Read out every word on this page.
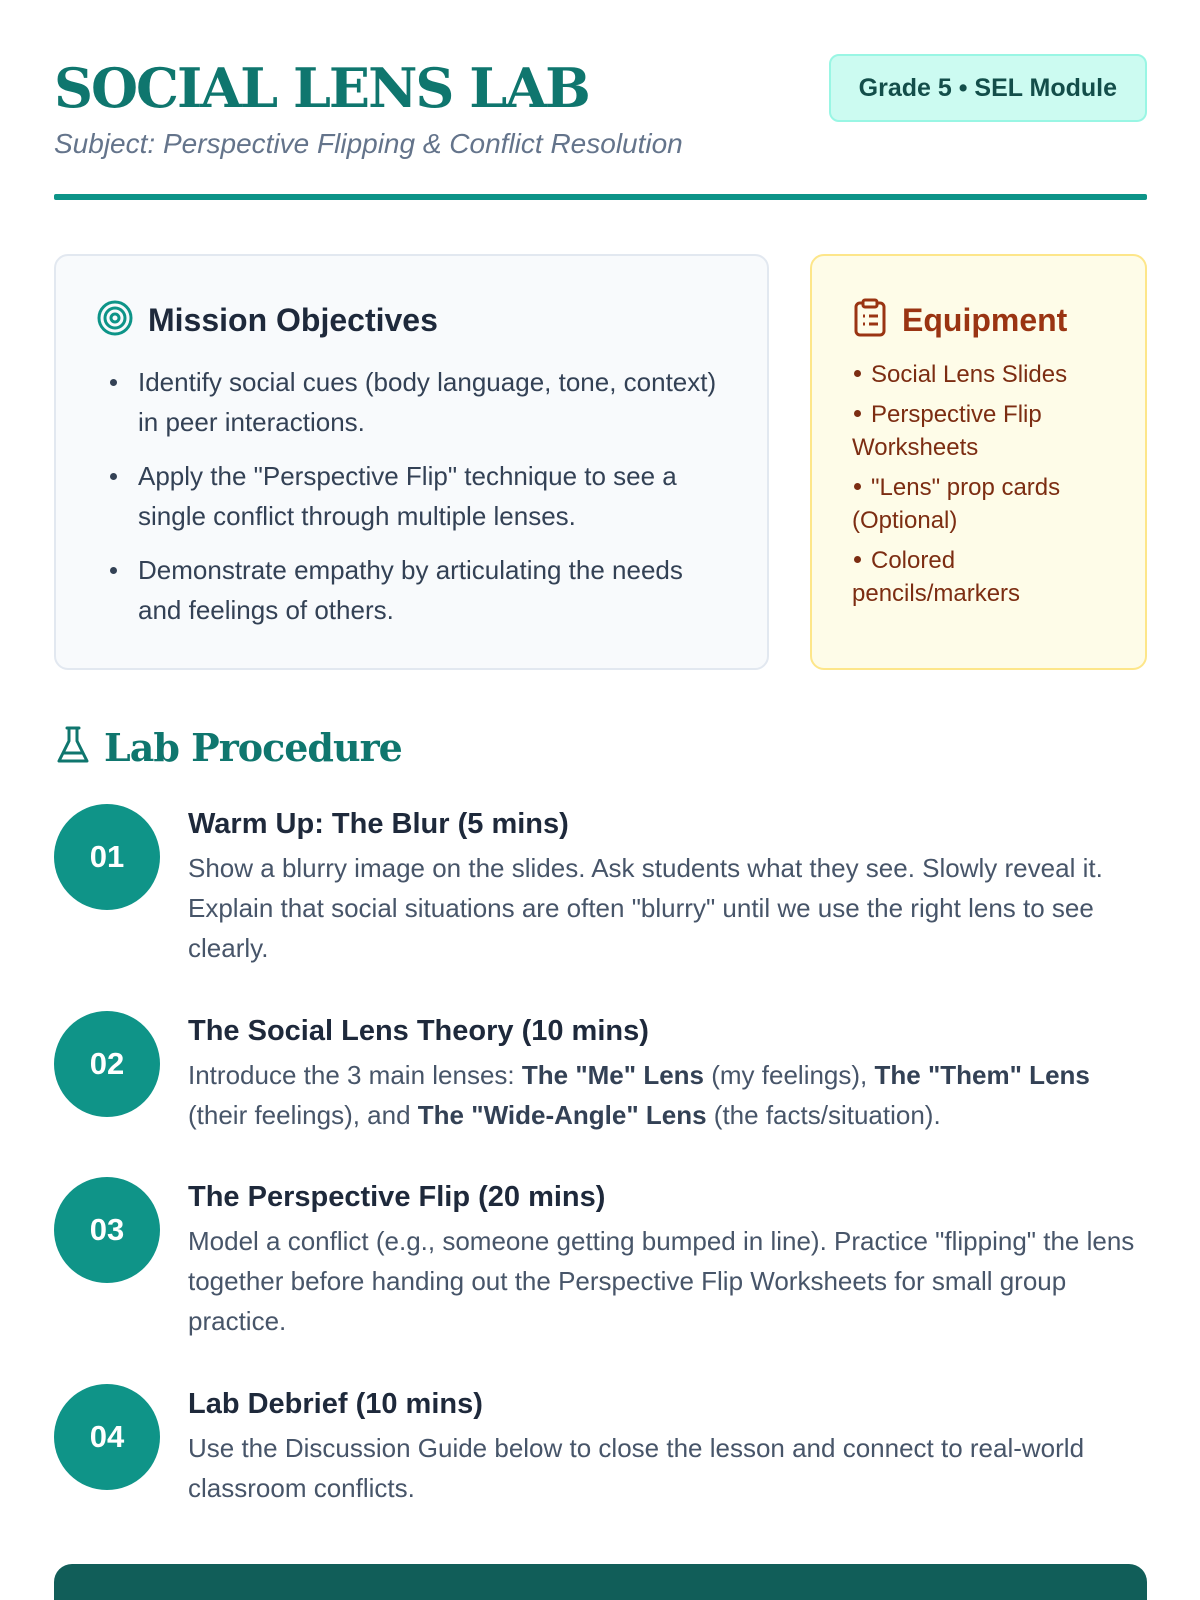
SOCIAL LENS LAB
Subject: Perspective Flipping & Conflict Resolution
Grade 5 • SEL Module
Mission Objectives
Identify social cues (body language, tone, context) in peer interactions.
Apply the "Perspective Flip" technique to see a single conflict through multiple lenses.
Demonstrate empathy by articulating the needs and feelings of others.
Equipment
Social Lens Slides
Perspective Flip Worksheets
"Lens" prop cards (Optional)
Colored pencils/markers
Lab Procedure
01
Warm Up: The Blur (5 mins)

Show a blurry image on the slides. Ask students what they see. Slowly reveal it. Explain that social situations are often "blurry" until we use the right lens to see clearly.

02
The Social Lens Theory (10 mins)

Introduce the 3 main lenses: The "Me" Lens (my feelings), The "Them" Lens (their feelings), and The "Wide-Angle" Lens (the facts/situation).

03
The Perspective Flip (20 mins)

Model a conflict (e.g., someone getting bumped in line). Practice "flipping" the lens together before handing out the Perspective Flip Worksheets for small group practice.

04
Lab Debrief (10 mins)

Use the Discussion Guide below to close the lesson and connect to real-world classroom conflicts.
